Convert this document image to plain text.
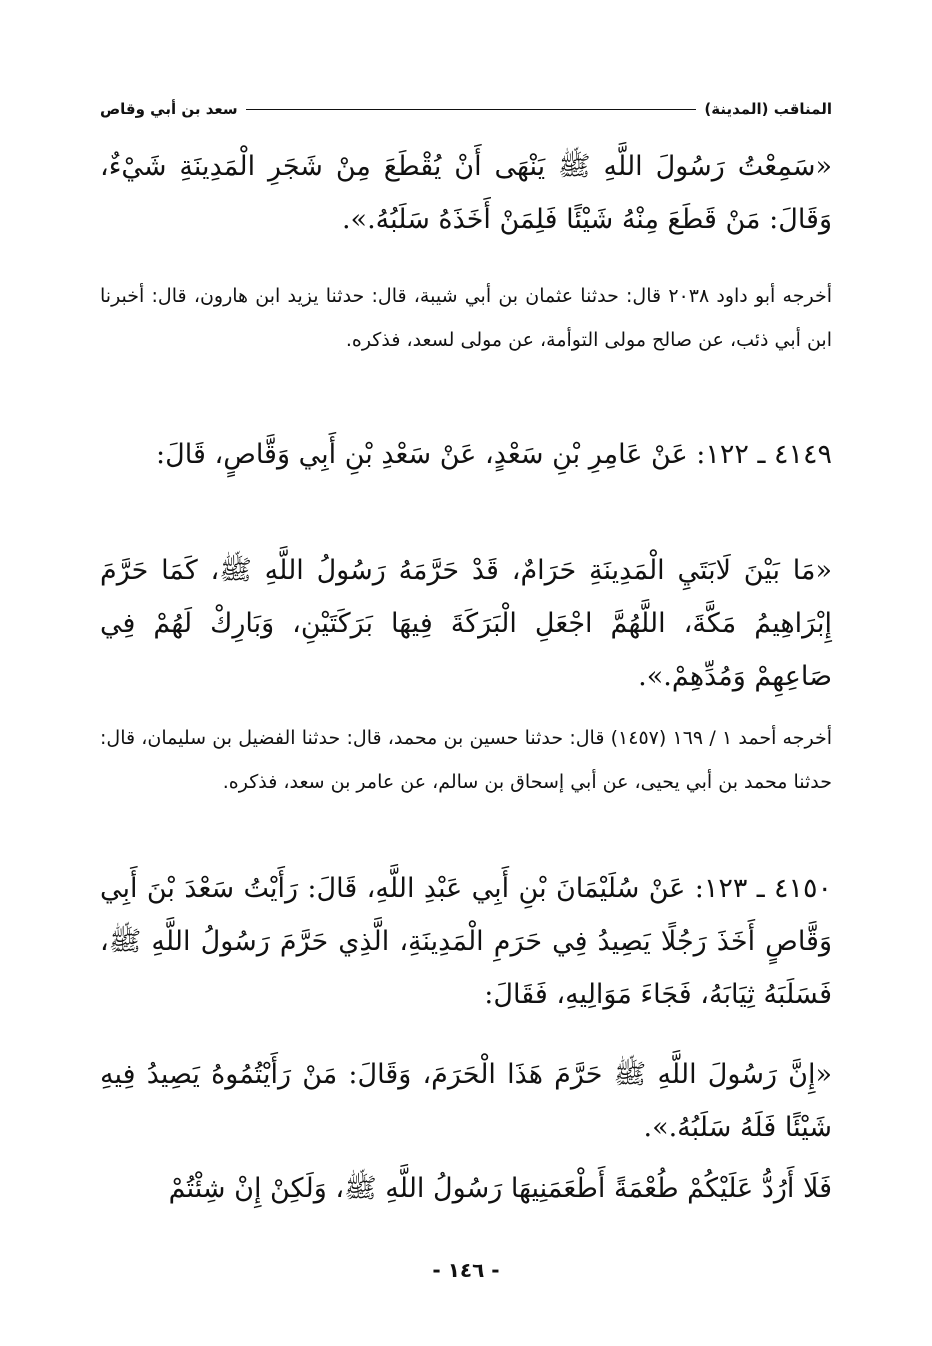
المناقب (المدينة)
سعد بن أبي وقاص

«سَمِعْتُ رَسُولَ اللَّهِ ﷺ يَنْهَى أَنْ يُقْطَعَ مِنْ شَجَرِ الْمَدِينَةِ شَيْءٌ، وَقَالَ: مَنْ قَطَعَ مِنْهُ شَيْئًا فَلِمَنْ أَخَذَهُ سَلَبُهُ.».

أخرجه أبو داود ٢٠٣٨ قال: حدثنا عثمان بن أبي شيبة، قال: حدثنا يزيد ابن هارون، قال: أخبرنا ابن أبي ذئب، عن صالح مولى التوأمة، عن مولى لسعد، فذكره.

٤١٤٩ ـ ١٢٢: عَنْ عَامِرِ بْنِ سَعْدٍ، عَنْ سَعْدِ بْنِ أَبِي وَقَّاصٍ، قَالَ:

«مَا بَيْنَ لَابَتَيِ الْمَدِينَةِ حَرَامٌ، قَدْ حَرَّمَهُ رَسُولُ اللَّهِ ﷺ، كَمَا حَرَّمَ إِبْرَاهِيمُ مَكَّةَ، اللَّهُمَّ اجْعَلِ الْبَرَكَةَ فِيهَا بَرَكَتَيْنِ، وَبَارِكْ لَهُمْ فِي صَاعِهِمْ وَمُدِّهِمْ.».

أخرجه أحمد ١ / ١٦٩ (١٤٥٧) قال: حدثنا حسين بن محمد، قال: حدثنا الفضيل بن سليمان، قال: حدثنا محمد بن أبي يحيى، عن أبي إسحاق بن سالم، عن عامر بن سعد، فذكره.

٤١٥٠ ـ ١٢٣: عَنْ سُلَيْمَانَ بْنِ أَبِي عَبْدِ اللَّهِ، قَالَ: رَأَيْتُ سَعْدَ بْنَ أَبِي وَقَّاصٍ أَخَذَ رَجُلًا يَصِيدُ فِي حَرَمِ الْمَدِينَةِ، الَّذِي حَرَّمَ رَسُولُ اللَّهِ ﷺ، فَسَلَبَهُ ثِيَابَهُ، فَجَاءَ مَوَالِيهِ، فَقَالَ:

«إِنَّ رَسُولَ اللَّهِ ﷺ حَرَّمَ هَذَا الْحَرَمَ، وَقَالَ: مَنْ رَأَيْتُمُوهُ يَصِيدُ فِيهِ شَيْئًا فَلَهُ سَلَبُهُ.».

فَلَا أَرُدُّ عَلَيْكُمْ طُعْمَةً أَطْعَمَنِيهَا رَسُولُ اللَّهِ ﷺ، وَلَكِنْ إِنْ شِئْتُمْ

- ١٤٦ -
